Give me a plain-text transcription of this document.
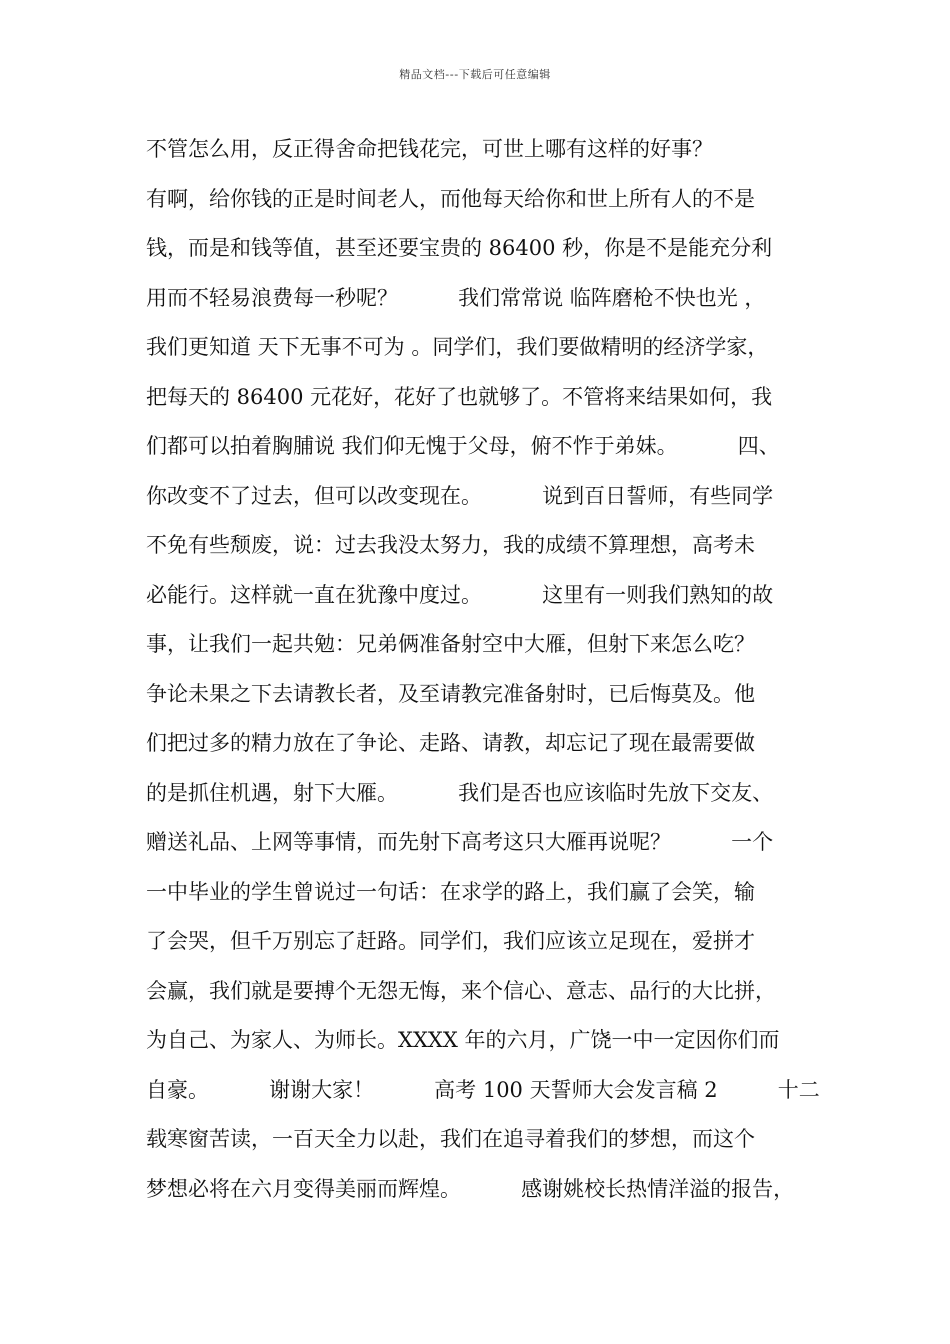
精品文档---下载后可任意编辑
不管怎么用，反正得舍命把钱花完，可世上哪有这样的好事？
有啊，给你钱的正是时间老人，而他每天给你和世上所有人的不是
钱，而是和钱等值，甚至还要宝贵的 86400 秒，你是不是能充分利
用而不轻易浪费每一秒呢？         我们常常说 临阵磨枪不快也光 ，
我们更知道 天下无事不可为 。同学们，我们要做精明的经济学家，
把每天的 86400 元花好，花好了也就够了。不管将来结果如何，我
们都可以拍着胸脯说 我们仰无愧于父母，俯不怍于弟妹。         四、
你改变不了过去，但可以改变现在。         说到百日誓师，有些同学
不免有些颓废，说：过去我没太努力，我的成绩不算理想，高考未
必能行。这样就一直在犹豫中度过。         这里有一则我们熟知的故
事，让我们一起共勉：兄弟俩准备射空中大雁，但射下来怎么吃？
争论未果之下去请教长者，及至请教完准备射时，已后悔莫及。他
们把过多的精力放在了争论、走路、请教，却忘记了现在最需要做
的是抓住机遇，射下大雁。         我们是否也应该临时先放下交友、
赠送礼品、上网等事情，而先射下高考这只大雁再说呢？         一个
一中毕业的学生曾说过一句话：在求学的路上，我们赢了会笑，输
了会哭，但千万别忘了赶路。同学们，我们应该立足现在，爱拼才
会赢，我们就是要搏个无怨无悔，来个信心、意志、品行的大比拼，
为自己、为家人、为师长。XXXX 年的六月，广饶一中一定因你们而
自豪。         谢谢大家！         高考 100 天誓师大会发言稿 2         十二
载寒窗苦读，一百天全力以赴，我们在追寻着我们的梦想，而这个
梦想必将在六月变得美丽而辉煌。         感谢姚校长热情洋溢的报告，
